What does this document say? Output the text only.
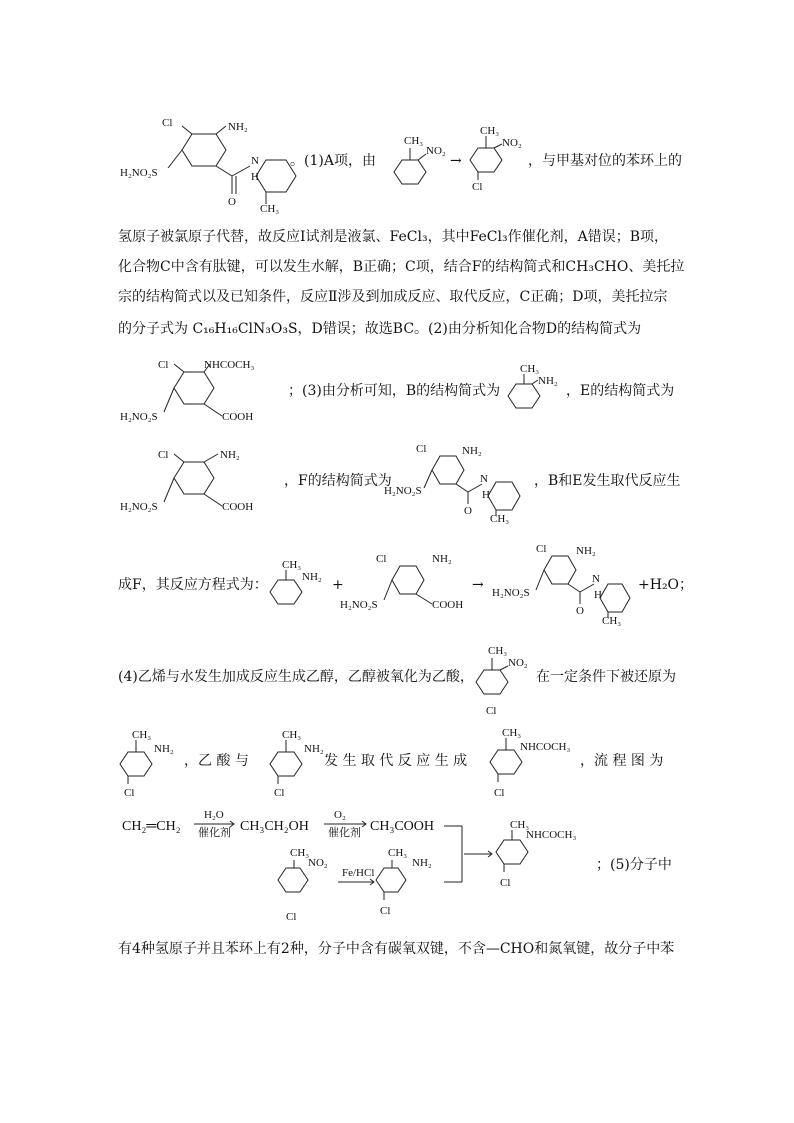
Cl	NH₂
H₂NO₂S
O
N
H
CH₃
。(1)A项，由
CH₃
NO₂
→
CH₃
NO₂
Cl
，与甲基对位的苯环上的
氢原子被氯原子代替，故反应Ⅰ试剂是液氯、FeCl₃，其中FeCl₃作催化剂，A错误；B项，
化合物C中含有肽键，可以发生水解，B正确；C项，结合F的结构简式和CH₃CHO、美托拉
宗的结构简式以及已知条件，反应Ⅱ涉及到加成反应、取代反应，C正确；D项，美托拉宗
的分子式为 C₁₆H₁₆ClN₃O₃S，D错误；故选BC。(2)由分析知化合物D的结构简式为
Cl	NHCOCH₃
H₂NO₂S	COOH
；(3)由分析可知，B的结构简式为
CH₃
NH₂
，E的结构简式为
Cl	NH₂
H₂NO₂S	COOH
，F的结构简式为
Cl	NH₂
H₂NO₂S
O
N
H
CH₃
，B和E发生取代反应生
成F，其反应方程式为：
CH₃
NH₂ +
Cl	NH₂
H₂NO₂S	COOH
→
Cl	NH₂
H₂NO₂S
O
N
H
CH₃
+H₂O；
(4)乙烯与水发生加成反应生成乙醇，乙醇被氧化为乙酸，
CH₃
NO₂
Cl
在一定条件下被还原为
CH₃
NH₂
Cl
，乙 酸 与
CH₃
NH₂
Cl
发 生 取 代 反 应 生 成
CH₃
NHCOCH₃
Cl
，流 程 图 为
CH₂═CH₂
H₂O
催化剂 CH₃CH₂OH
O₂
催化剂 CH₃COOH
CH₃
NO₂
Cl
Fe/HCl
CH₃
NH₂
Cl
CH₃
NHCOCH₃
Cl
；(5)分子中
有4种氢原子并且苯环上有2种，分子中含有碳氧双键，不含—CHO和氮氧键，故分子中苯
